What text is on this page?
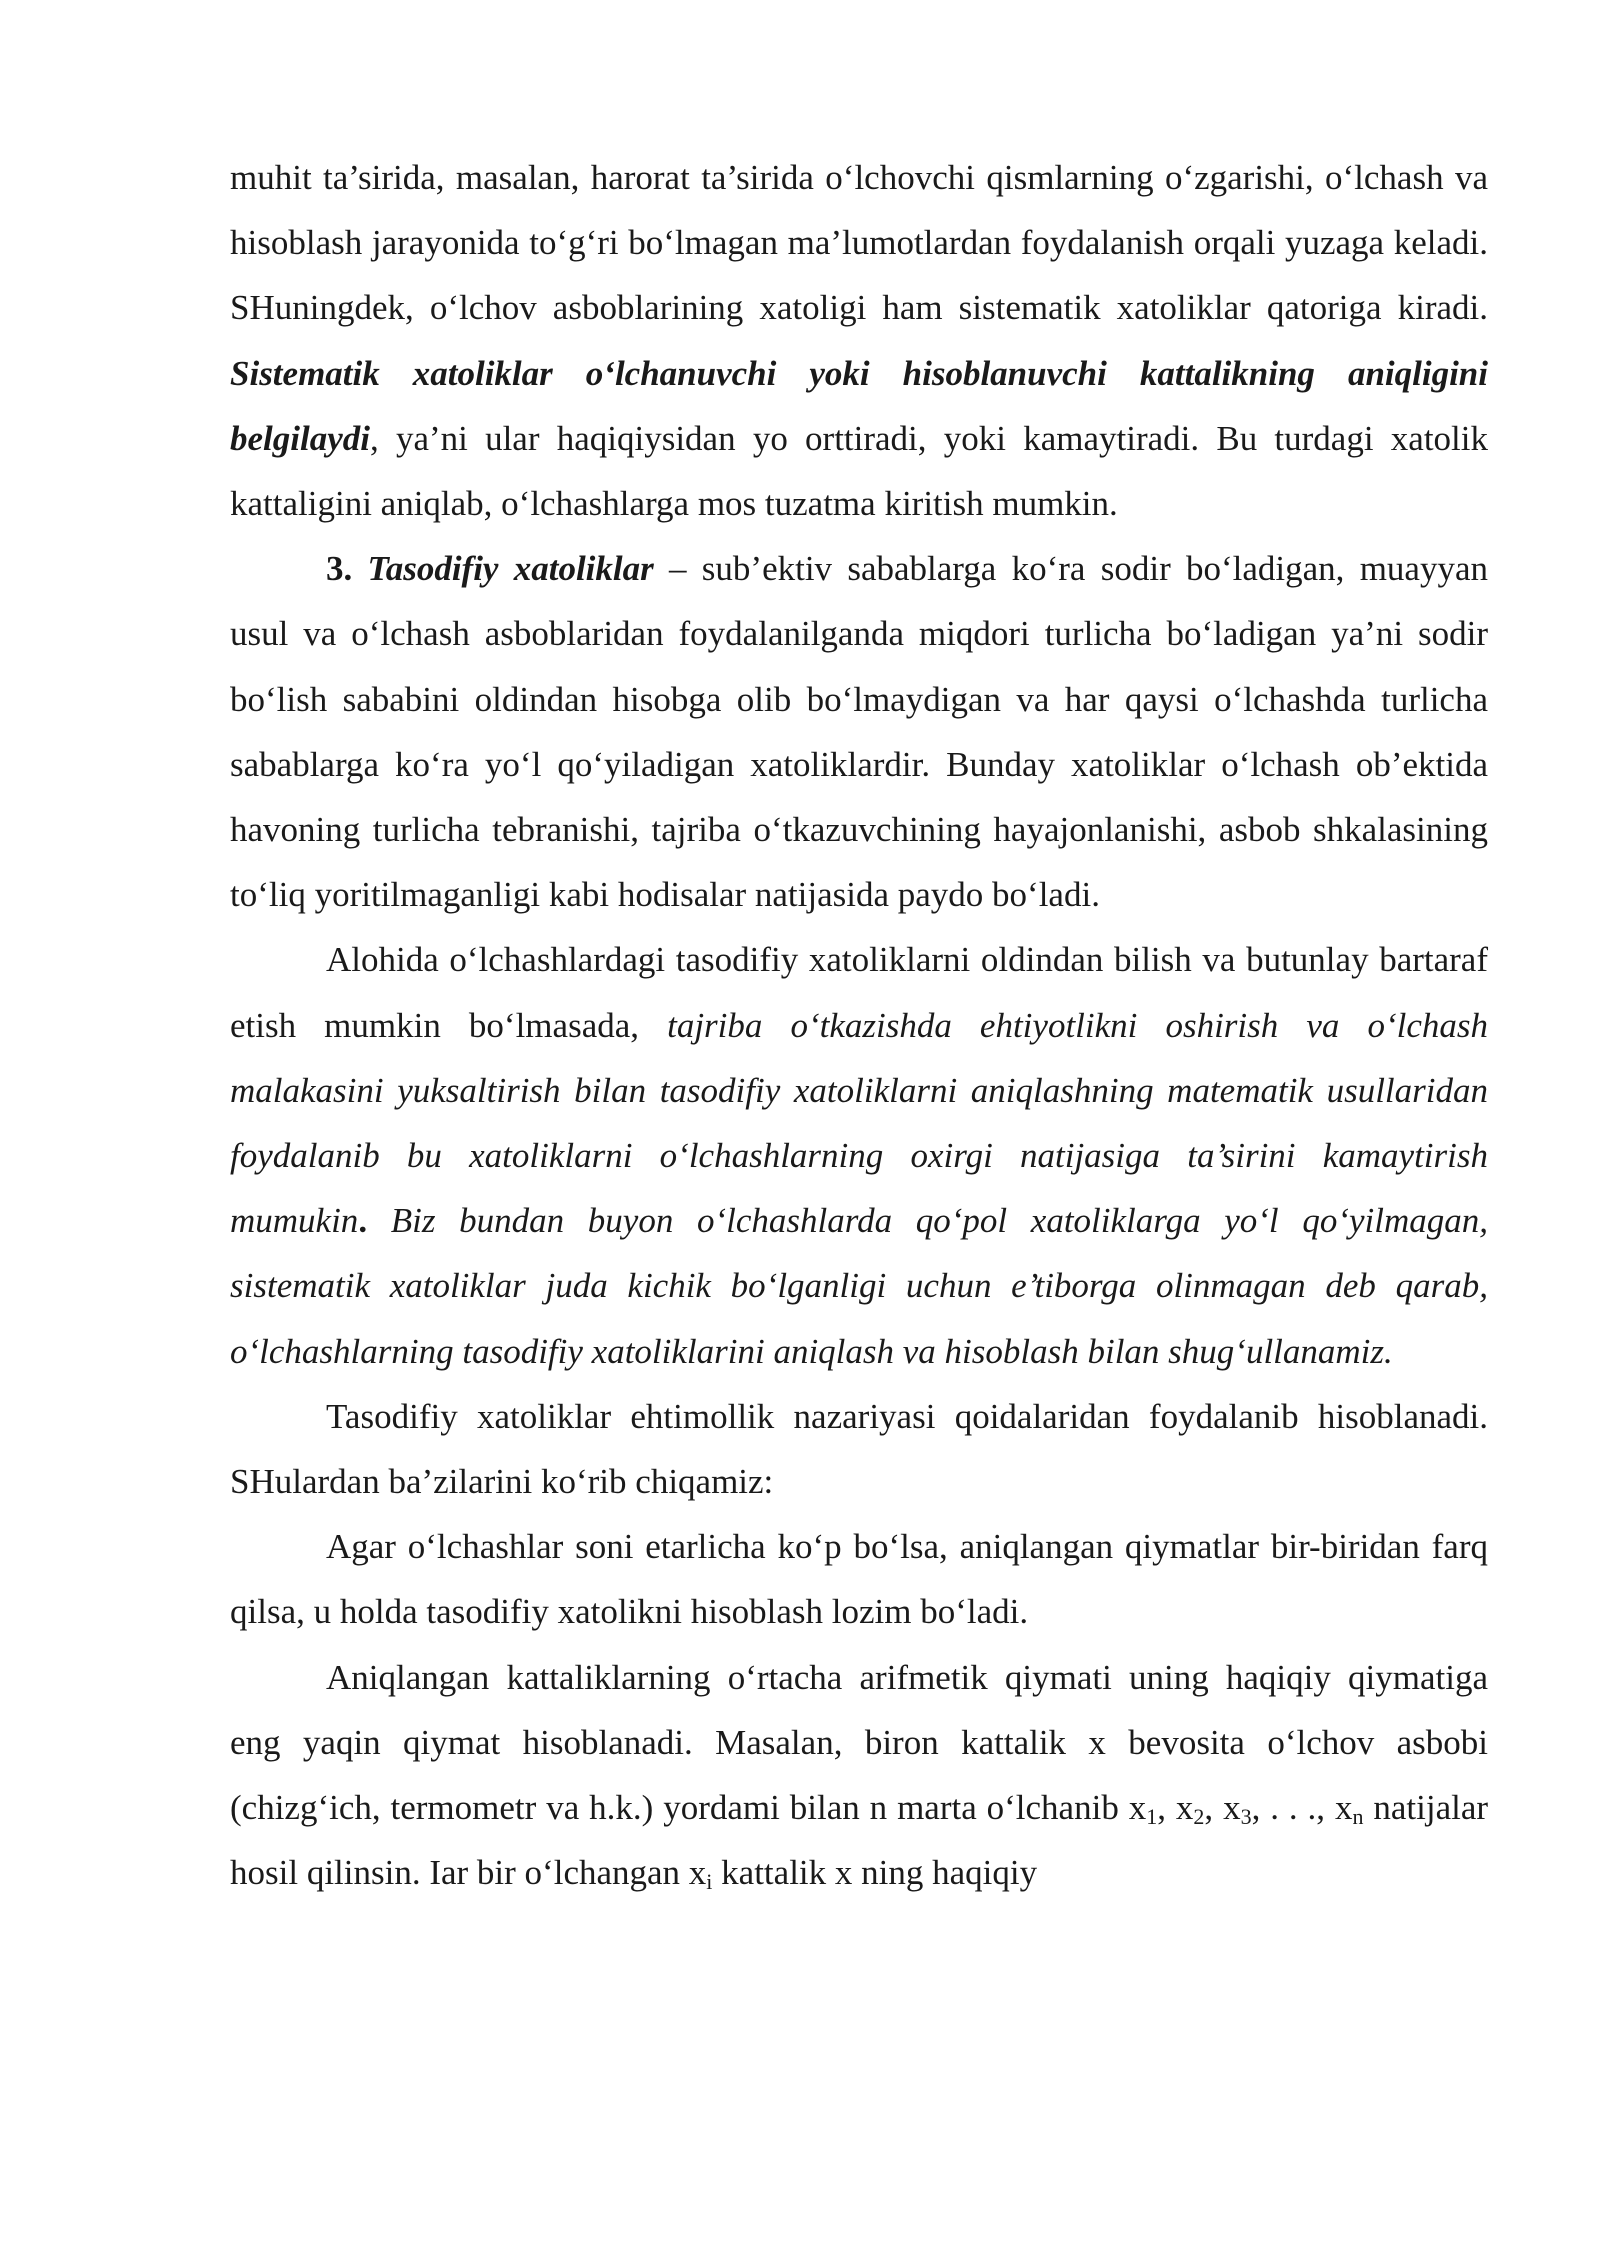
muhit ta’sirida, masalan, harorat ta’sirida o‘lchovchi qismlarning o‘zgarishi, o‘lchash va hisoblash jarayonida to‘g‘ri bo‘lmagan ma’lumotlardan foydalanish orqali yuzaga keladi. SHuningdek, o‘lchov asboblarining xatoligi ham sistematik xatoliklar qatoriga kiradi. Sistematik xatoliklar o‘lchanuvchi yoki hisoblanuvchi kattalikning aniqligini belgilaydi, ya’ni ular haqiqiysidan yo orttiradi, yoki kamaytiradi. Bu turdagi xatolik kattaligini aniqlab, o‘lchashlarga mos tuzatma kiritish mumkin.

3. Tasodifiy xatoliklar – sub’ektiv sabablarga ko‘ra sodir bo‘ladigan, muayyan usul va o‘lchash asboblaridan foydalanilganda miqdori turlicha bo‘ladigan ya’ni sodir bo‘lish sababini oldindan hisobga olib bo‘lmaydigan va har qaysi o‘lchashda turlicha sabablarga ko‘ra yo‘l qo‘yiladigan xatoliklardir. Bunday xatoliklar o‘lchash ob’ektida havoning turlicha tebranishi, tajriba o‘tkazuvchining hayajonlanishi, asbob shkalasining to‘liq yoritilmaganligi kabi hodisalar natijasida paydo bo‘ladi.

Alohida o‘lchashlardagi tasodifiy xatoliklarni oldindan bilish va butunlay bartaraf etish mumkin bo‘lmasada, tajriba o‘tkazishda ehtiyotlikni oshirish va o‘lchash malakasini yuksaltirish bilan tasodifiy xatoliklarni aniqlashning matematik usullaridan foydalanib bu xatoliklarni o‘lchashlarning oxirgi natijasiga ta’sirini kamaytirish mumukin. Biz bundan buyon o‘lchashlarda qo‘pol xatoliklarga yo‘l qo‘yilmagan, sistematik xatoliklar juda kichik bo‘lganligi uchun e’tiborga olinmagan deb qarab, o‘lchashlarning tasodifiy xatoliklarini aniqlash va hisoblash bilan shug‘ullanamiz.

Tasodifiy xatoliklar ehtimollik nazariyasi qoidalaridan foydalanib hisoblanadi. SHulardan ba’zilarini ko‘rib chiqamiz:

Agar o‘lchashlar soni etarlicha ko‘p bo‘lsa, aniqlangan qiymatlar bir-biridan farq qilsa, u holda tasodifiy xatolikni hisoblash lozim bo‘ladi.

Aniqlangan kattaliklarning o‘rtacha arifmetik qiymati uning haqiqiy qiymatiga eng yaqin qiymat hisoblanadi. Masalan, biron kattalik x bevosita o‘lchov asbobi (chizg‘ich, termometr va h.k.) yordami bilan n marta o‘lchanib $x_1$, $x_2$, $x_3$, . . ., $x_n$ natijalar hosil qilinsin. Iar bir o‘lchangan $x_i$ kattalik x ning haqiqiy
